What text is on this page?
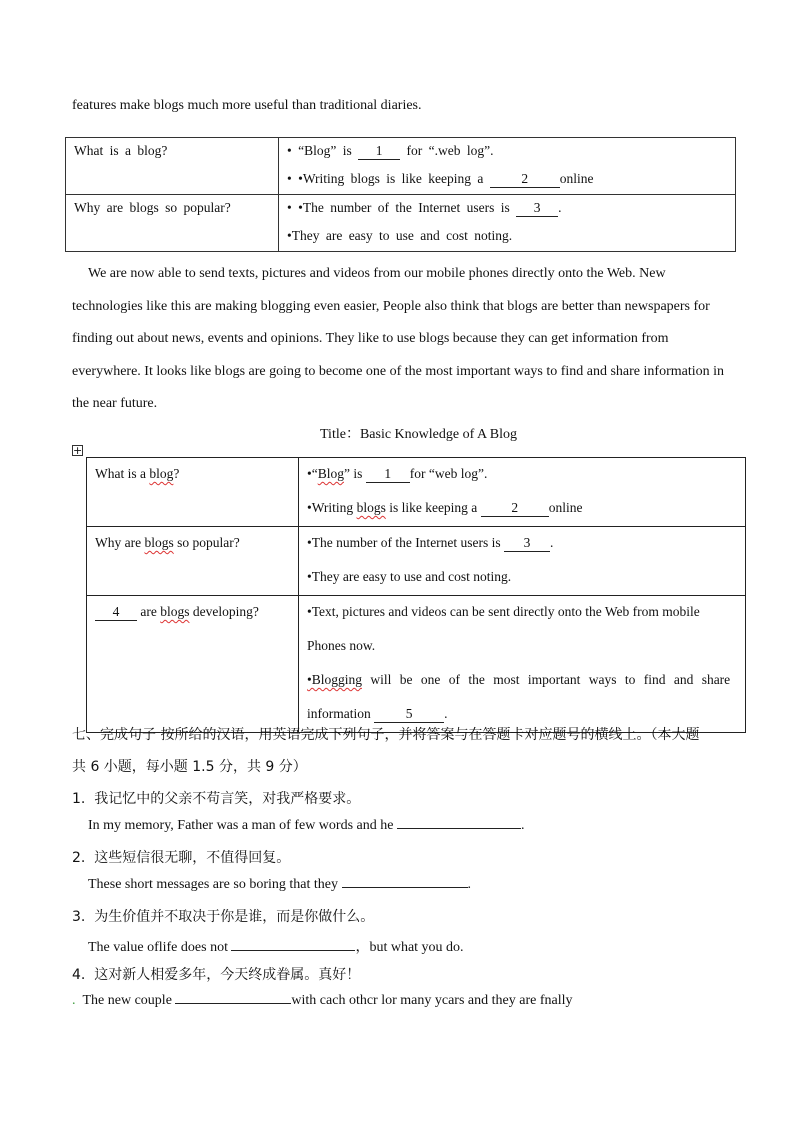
features make blogs much more useful than traditional diaries.
What is a blog?	• “Blog” is 1 for “.web log”.
• •Writing blogs is like keeping a 2 online

Why are blogs so popular?	• •The number of the Internet users is 3 .
•They are easy to use and cost noting.
We are now able to send texts, pictures and videos from our mobile phones directly onto the Web. New technologies like this are making blogging even easier, People also think that blogs are better than newspapers for finding out about news, events and opinions. They like to use blogs because they can get information from everywhere. It looks like blogs are going to become one of the most important ways to find and share information in the near future.
Title：Basic Knowledge of A Blog
+
What is a blog?	•“Blog” is 1 for “web log”.
•Writing blogs is like keeping a 2 online

Why are blogs so popular?	•The number of the Internet users is 3 .
•They are easy to use and cost noting.

4 are blogs developing?	•Text, pictures and videos can be sent directly onto the Web from mobile
Phones now.
•Blogging will be one of the most important ways to find and share
information 5 .
七、完成句子 按所给的汉语，用英语完成下列句子，并将答案与在答题卡对应题号的横线上。（本大题
共 6 小题，每小题 1.5 分，共 9 分）
1. 我记忆中的父亲不苟言笑，对我严格要求。
In my memory, Father was a man of few words and he	.
2. 这些短信很无聊，不值得回复。
These short messages are so boring that they	.
3. 为生价值并不取决于你是谁，而是你做什么。
The value oflife does not	，but what you do.
4. 这对新人相爱多年，今天终成眷属。真好！
. The new couple	with cach othcr lor many ycars and they are fnally
